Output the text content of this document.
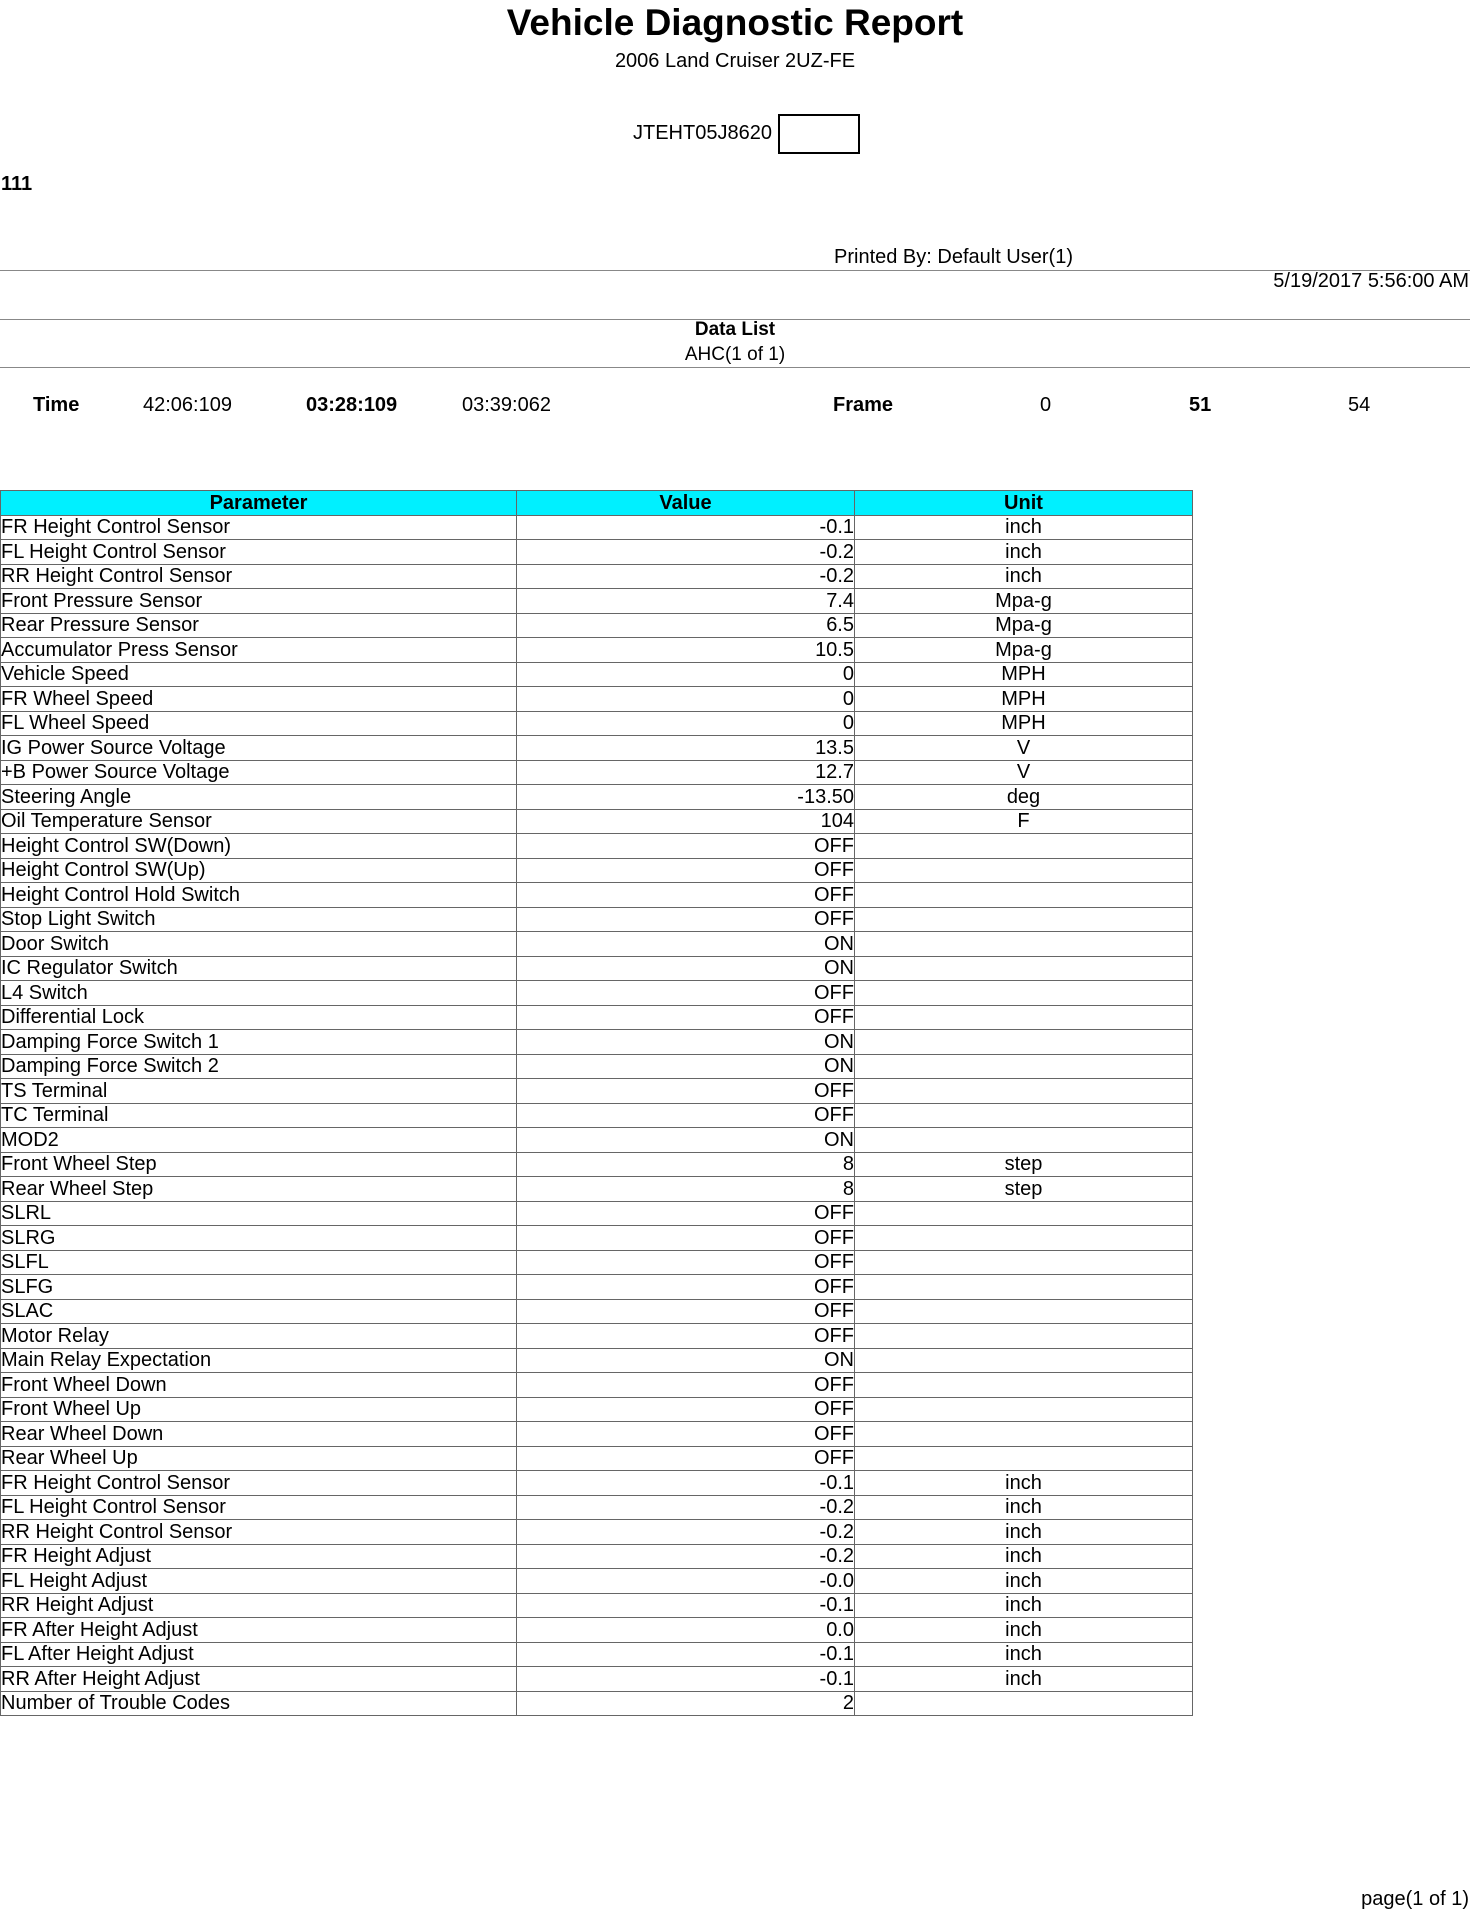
Vehicle Diagnostic Report
2006 Land Cruiser 2UZ-FE
JTEHT05J8620
111
Printed By: Default User(1)
5/19/2017 5:56:00 AM
Data List
AHC(1 of 1)
Time	42:06:109	03:28:109	03:39:062	Frame	0	51	54
Parameter	Value	Unit
FR Height Control Sensor	-0.1	inch
FL Height Control Sensor	-0.2	inch
RR Height Control Sensor	-0.2	inch
Front Pressure Sensor	7.4	Mpa-g
Rear Pressure Sensor	6.5	Mpa-g
Accumulator Press Sensor	10.5	Mpa-g
Vehicle Speed	0	MPH
FR Wheel Speed	0	MPH
FL Wheel Speed	0	MPH
IG Power Source Voltage	13.5	V
+B Power Source Voltage	12.7	V
Steering Angle	-13.50	deg
Oil Temperature Sensor	104	F
Height Control SW(Down)	OFF	
Height Control SW(Up)	OFF	
Height Control Hold Switch	OFF	
Stop Light Switch	OFF	
Door Switch	ON	
IC Regulator Switch	ON	
L4 Switch	OFF	
Differential Lock	OFF	
Damping Force Switch 1	ON	
Damping Force Switch 2	ON	
TS Terminal	OFF	
TC Terminal	OFF	
MOD2	ON	
Front Wheel Step	8	step
Rear Wheel Step	8	step
SLRL	OFF	
SLRG	OFF	
SLFL	OFF	
SLFG	OFF	
SLAC	OFF	
Motor Relay	OFF	
Main Relay Expectation	ON	
Front Wheel Down	OFF	
Front Wheel Up	OFF	
Rear Wheel Down	OFF	
Rear Wheel Up	OFF	
FR Height Control Sensor	-0.1	inch
FL Height Control Sensor	-0.2	inch
RR Height Control Sensor	-0.2	inch
FR Height Adjust	-0.2	inch
FL Height Adjust	-0.0	inch
RR Height Adjust	-0.1	inch
FR After Height Adjust	0.0	inch
FL After Height Adjust	-0.1	inch
RR After Height Adjust	-0.1	inch
Number of Trouble Codes	2	
page(1 of 1)
